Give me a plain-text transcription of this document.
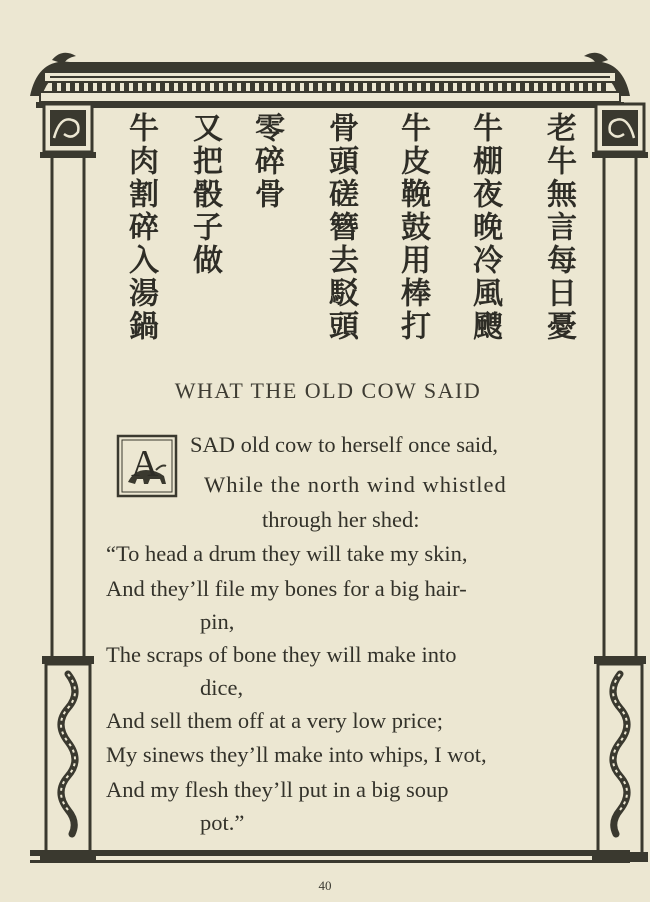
老牛無言每日憂
牛棚夜晚冷風颼
牛皮鞔鼓用棒打
骨頭磋簪去駁頭
零碎骨
又把骰子做
牛肉割碎入湯鍋
WHAT THE OLD COW SAID
A SAD old cow to herself once said,
While the north wind whistled
through her shed:
“To head a drum they will take my skin,
And they’ll file my bones for a big hair-
pin,
The scraps of bone they will make into
dice,
And sell them off at a very low price;
My sinews they’ll make into whips, I wot,
And my flesh they’ll put in a big soup
pot.”
40
